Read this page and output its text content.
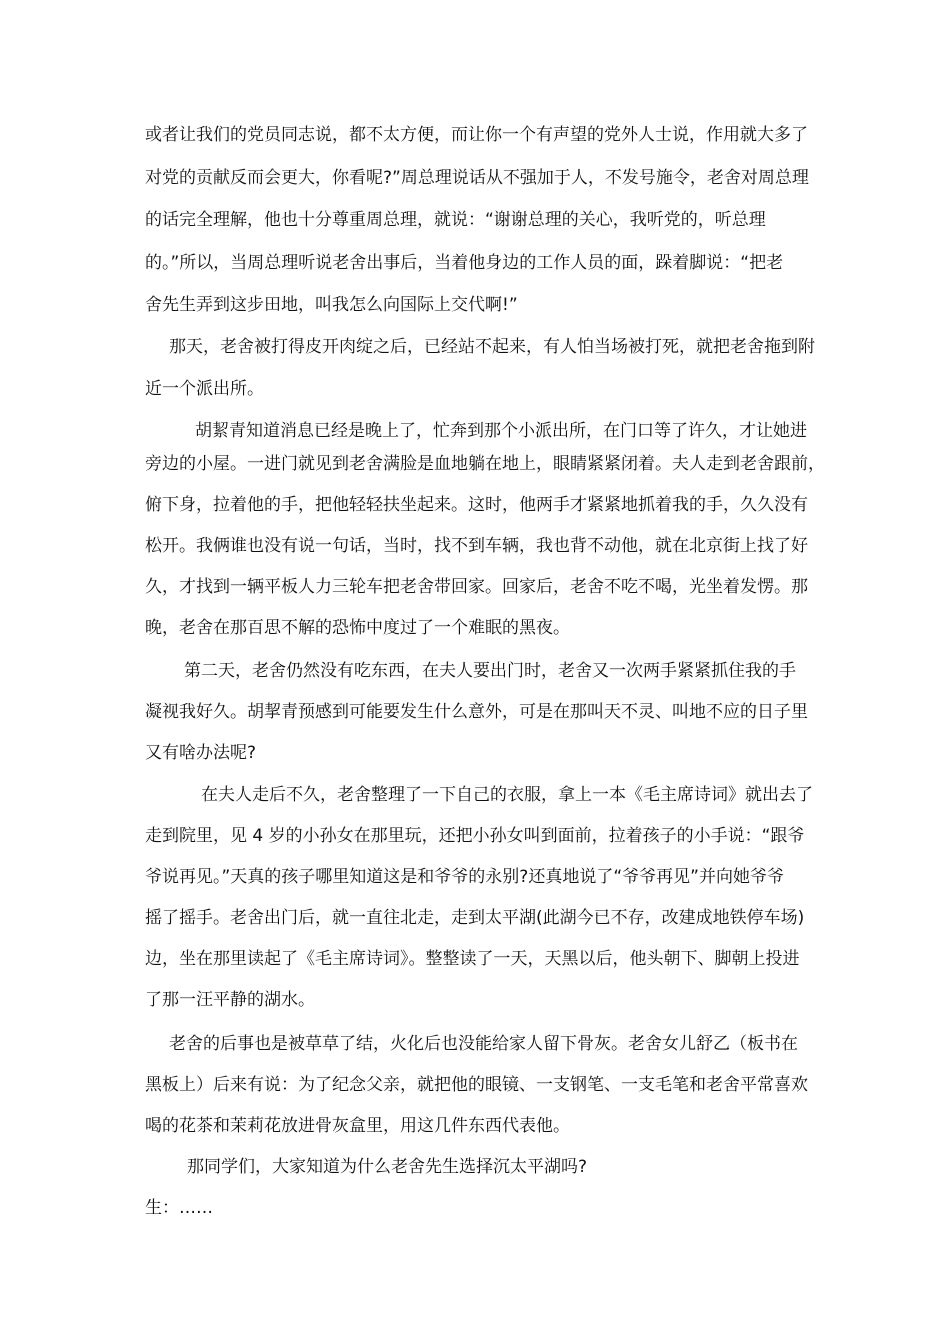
或者让我们的党员同志说，都不太方便，而让你一个有声望的党外人士说，作用就大多了
对党的贡献反而会更大，你看呢?”周总理说话从不强加于人，不发号施令，老舍对周总理
的话完全理解，他也十分尊重周总理，就说：“谢谢总理的关心，我听党的，听总理
的。”所以，当周总理听说老舍出事后，当着他身边的工作人员的面，跺着脚说：“把老
舍先生弄到这步田地，叫我怎么向国际上交代啊!”
那天，老舍被打得皮开肉绽之后，已经站不起来，有人怕当场被打死，就把老舍拖到附
近一个派出所。
胡絜青知道消息已经是晚上了，忙奔到那个小派出所，在门口等了许久，才让她进
旁边的小屋。一进门就见到老舍满脸是血地躺在地上，眼睛紧紧闭着。夫人走到老舍跟前，
俯下身，拉着他的手，把他轻轻扶坐起来。这时，他两手才紧紧地抓着我的手，久久没有
松开。我俩谁也没有说一句话，当时，找不到车辆，我也背不动他，就在北京街上找了好
久，才找到一辆平板人力三轮车把老舍带回家。回家后，老舍不吃不喝，光坐着发愣。那
晚，老舍在那百思不解的恐怖中度过了一个难眠的黑夜。
第二天，老舍仍然没有吃东西，在夫人要出门时，老舍又一次两手紧紧抓住我的手
凝视我好久。胡挈青预感到可能要发生什么意外，可是在那叫天不灵、叫地不应的日子里
又有啥办法呢?
在夫人走后不久，老舍整理了一下自己的衣服，拿上一本《毛主席诗词》就出去了
走到院里，见 4 岁的小孙女在那里玩，还把小孙女叫到面前，拉着孩子的小手说：“跟爷
爷说再见。”天真的孩子哪里知道这是和爷爷的永别?还真地说了“爷爷再见”并向她爷爷
摇了摇手。老舍出门后，就一直往北走，走到太平湖(此湖今已不存，改建成地铁停车场)
边，坐在那里读起了《毛主席诗词》。整整读了一天，天黑以后，他头朝下、脚朝上投进
了那一汪平静的湖水。
老舍的后事也是被草草了结，火化后也没能给家人留下骨灰。老舍女儿舒乙（板书在
黑板上）后来有说：为了纪念父亲，就把他的眼镜、一支钢笔、一支毛笔和老舍平常喜欢
喝的花茶和茉莉花放进骨灰盒里，用这几件东西代表他。
那同学们，大家知道为什么老舍先生选择沉太平湖吗?
生：……
